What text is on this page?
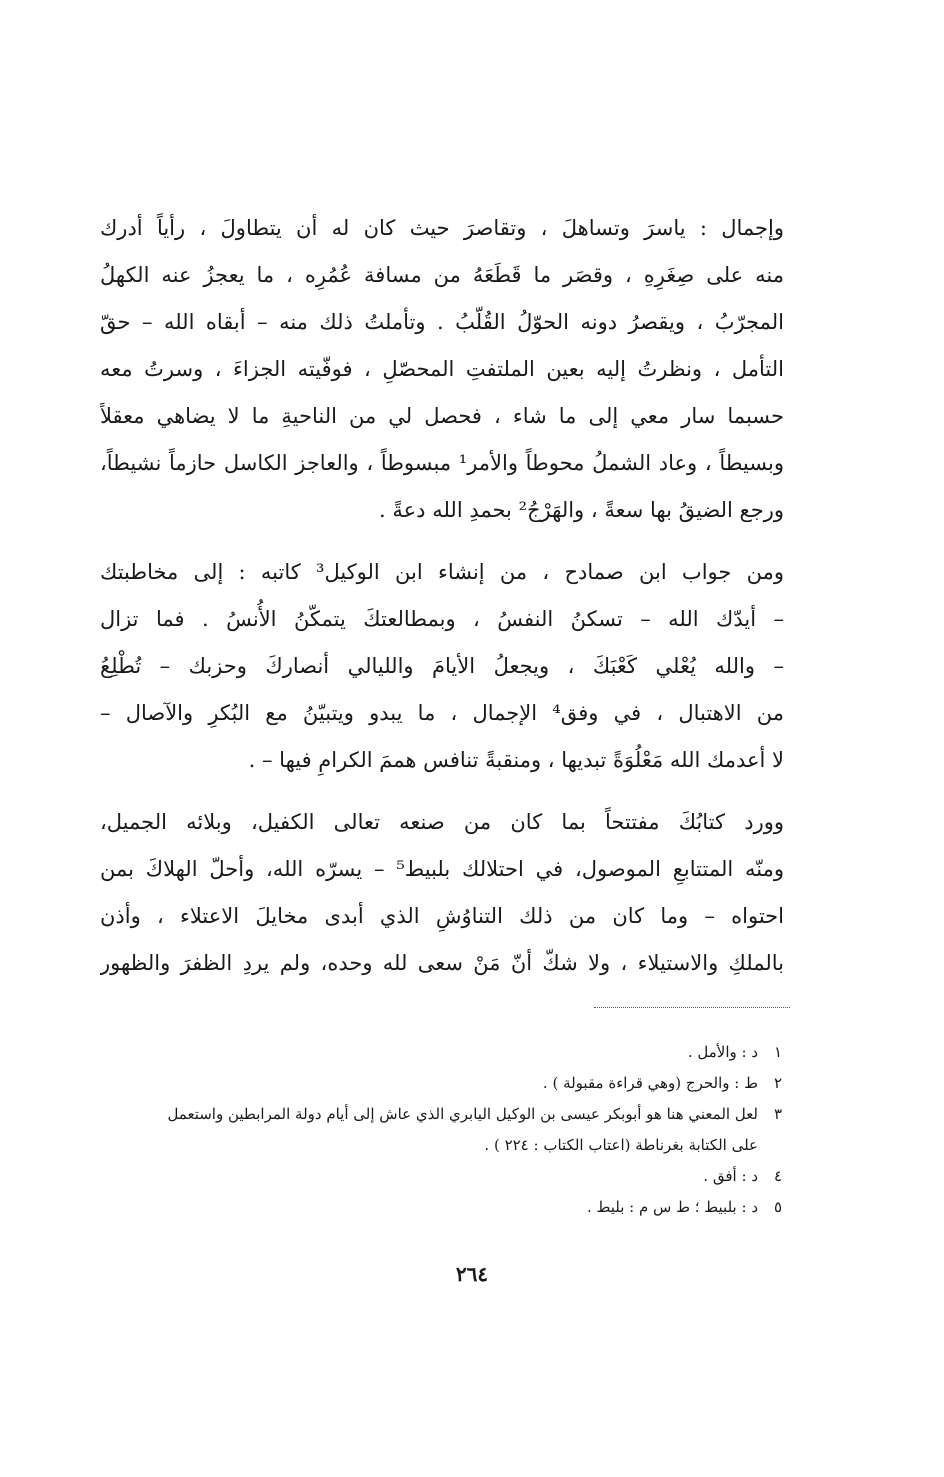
وإجمال : ياسرَ وتساهلَ ، وتقاصرَ حيث كان له أن يتطاولَ ، رأياً أدرك
منه على صِغَرِهِ ، وقصَر ما قَطَعَهُ من مسافة عُمُرِه ، ما يعجزُ عنه الكهلُ
المجرّبُ ، ويقصرُ دونه الحوّلُ القُلّبُ . وتأملتُ ذلك منه – أبقاه الله – حقّ
التأمل ، ونظرتُ إليه بعين الملتفتِ المحصّلِ ، فوفّيته الجزاءَ ، وسرتُ معه
حسبما سار معي إلى ما شاء ، فحصل لي من الناحيةِ ما لا يضاهي معقلاً
وبسيطاً ، وعاد الشملُ محوطاً والأمر¹ مبسوطاً ، والعاجز الكاسل حازماً نشيطاً،
ورجع الضيقُ بها سعةً ، والهَرْجُ² بحمدِ الله دعةً .
ومن جواب ابن صمادح ، من إنشاء ابن الوكيل³ كاتبه : إلى مخاطبتك
– أيدّك الله – تسكنُ النفسُ ، وبمطالعتكَ يتمكّنُ الأُنسُ . فما تزال
– والله يُعْلي كَعْبَكَ ، ويجعلُ الأيامَ والليالي أنصاركَ وحزبك – تُطْلِعُ
من الاهتبال ، في وفق⁴ الإجمال ، ما يبدو ويتبيّنُ مع البُكرِ والآصال –
لا أعدمك الله مَعْلُوَةً تبديها ، ومنقبةً تنافس هممَ الكرامِ فيها – .
وورد كتابُكَ مفتتحاً بما كان من صنعه تعالى الكفيل، وبلائه الجميل،
ومنّه المتتابعِ الموصول، في احتلالك بلبيط⁵ – يسرّه الله، وأحلّ الهلاكَ بمن
احتواه – وما كان من ذلك التناوُشِ الذي أبدى مخايلَ الاعتلاء ، وأذن
بالملكِ والاستيلاء ، ولا شكّ أنّ مَنْ سعى لله وحده، ولم يردِ الظفرَ والظهور
١
د : والأمل .
٢
ط : والحرج (وهي قراءة مقبولة ) .
٣
لعل المعني هنا هو أبوبكر عيسى بن الوكيل اليابري الذي عاش إلى أيام دولة المرابطين واستعمل
على الكتابة بغرناطة (اعتاب الكتاب : ٢٢٤ ) .
٤
د : أفق .
٥
د : بلبيط ؛ ط س م : بليط .
٢٦٤
